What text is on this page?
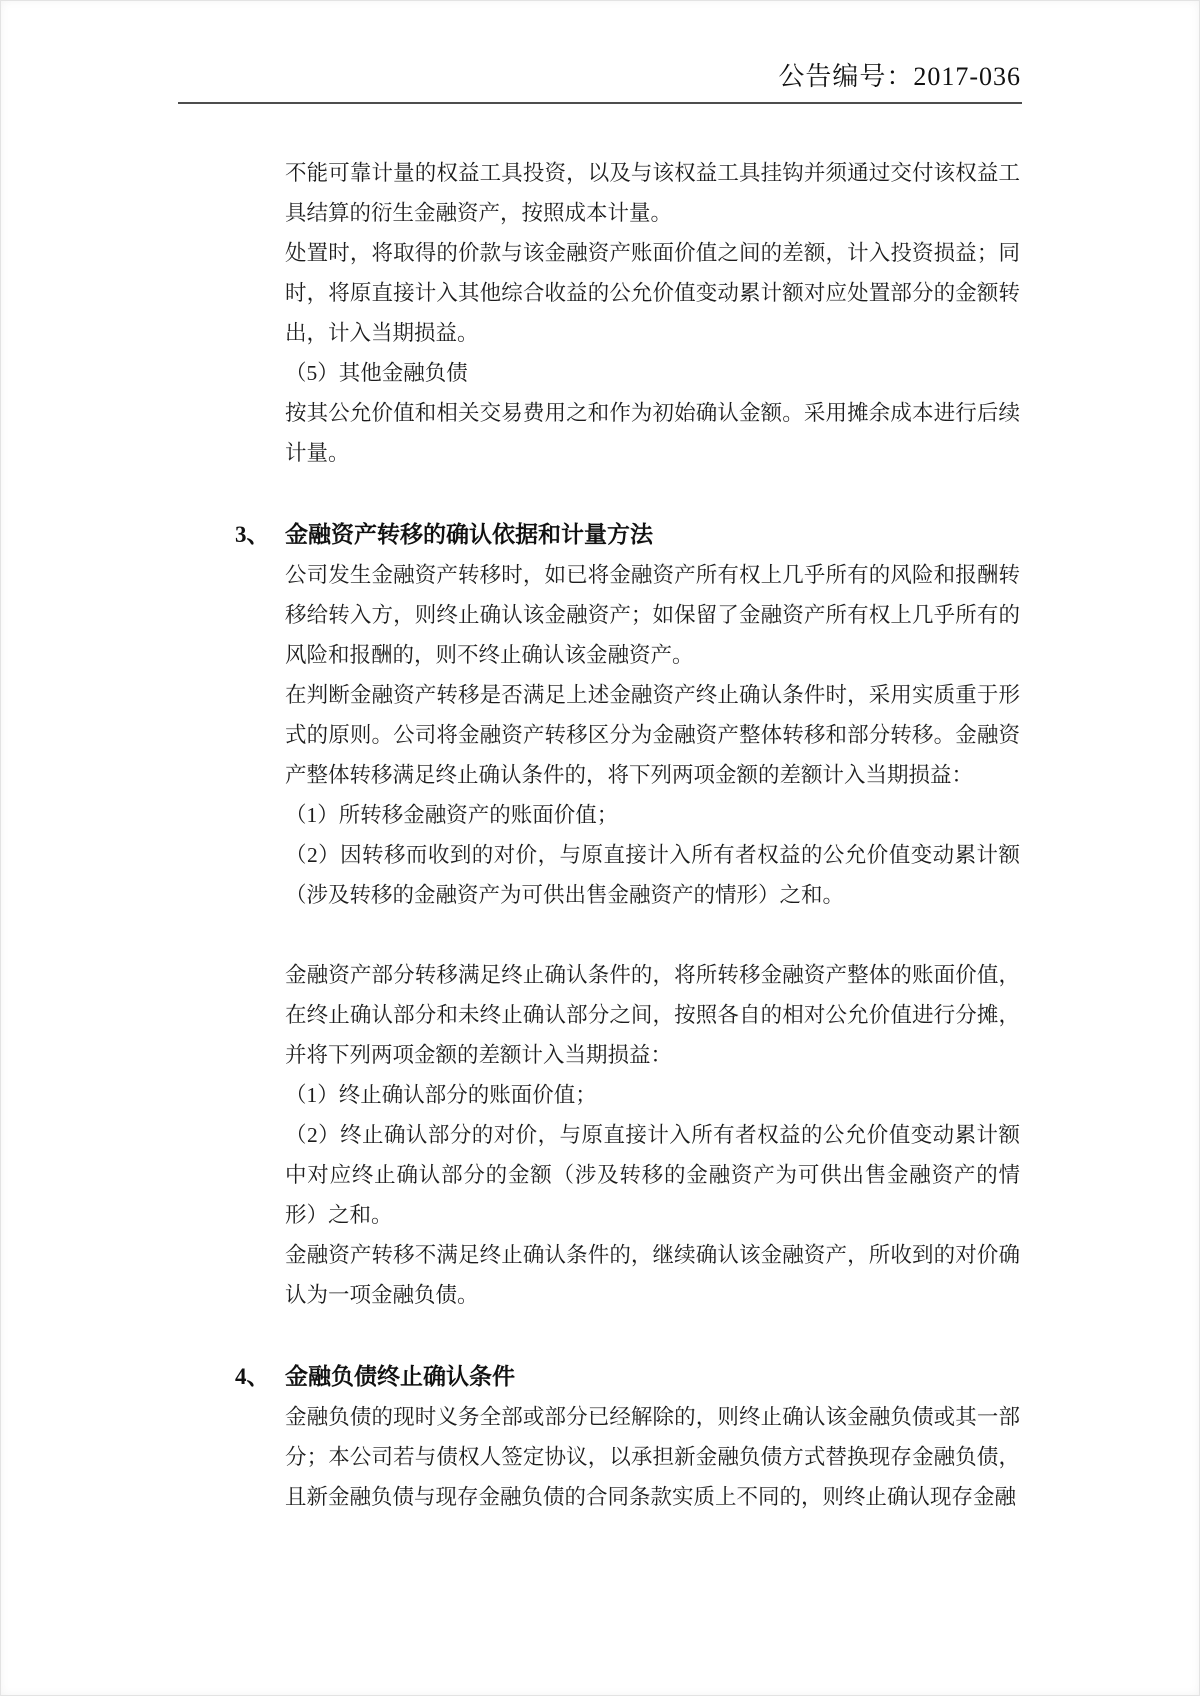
公告编号：2017-036

不能可靠计量的权益工具投资，以及与该权益工具挂钩并须通过交付该权益工具结算的衍生金融资产，按照成本计量。

处置时，将取得的价款与该金融资产账面价值之间的差额，计入投资损益；同时，将原直接计入其他综合收益的公允价值变动累计额对应处置部分的金额转出，计入当期损益。

（5）其他金融负债

按其公允价值和相关交易费用之和作为初始确认金额。采用摊余成本进行后续计量。

3、 金融资产转移的确认依据和计量方法

公司发生金融资产转移时，如已将金融资产所有权上几乎所有的风险和报酬转移给转入方，则终止确认该金融资产；如保留了金融资产所有权上几乎所有的风险和报酬的，则不终止确认该金融资产。

在判断金融资产转移是否满足上述金融资产终止确认条件时，采用实质重于形式的原则。公司将金融资产转移区分为金融资产整体转移和部分转移。金融资产整体转移满足终止确认条件的，将下列两项金额的差额计入当期损益：

（1）所转移金融资产的账面价值；

（2）因转移而收到的对价，与原直接计入所有者权益的公允价值变动累计额（涉及转移的金融资产为可供出售金融资产的情形）之和。

金融资产部分转移满足终止确认条件的，将所转移金融资产整体的账面价值，在终止确认部分和未终止确认部分之间，按照各自的相对公允价值进行分摊，并将下列两项金额的差额计入当期损益：

（1）终止确认部分的账面价值；

（2）终止确认部分的对价，与原直接计入所有者权益的公允价值变动累计额中对应终止确认部分的金额（涉及转移的金融资产为可供出售金融资产的情形）之和。

金融资产转移不满足终止确认条件的，继续确认该金融资产，所收到的对价确认为一项金融负债。

4、 金融负债终止确认条件

金融负债的现时义务全部或部分已经解除的，则终止确认该金融负债或其一部分；本公司若与债权人签定协议，以承担新金融负债方式替换现存金融负债，且新金融负债与现存金融负债的合同条款实质上不同的，则终止确认现存金融
